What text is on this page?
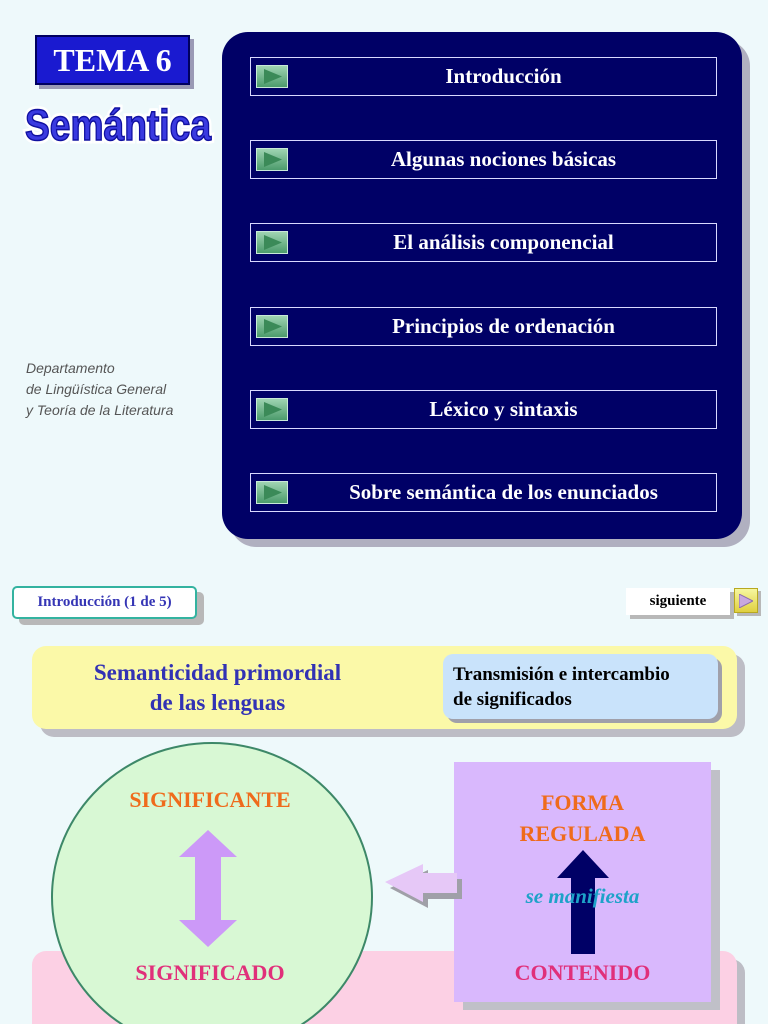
TEMA 6
Semántica
Semántica
Departamento
de Lingüística General
y Teoría de la Literatura
Introducción
Algunas nociones básicas
El análisis componencial
Principios de ordenación
Léxico y sintaxis
Sobre semántica de los enunciados
Introducción (1 de 5)	siguiente
Semanticidad primordial
de las lenguas
Transmisión e intercambio
de significados
SIGNIFICANTE
SIGNIFICADO
FORMA
REGULADA
se manifiesta
CONTENIDO
